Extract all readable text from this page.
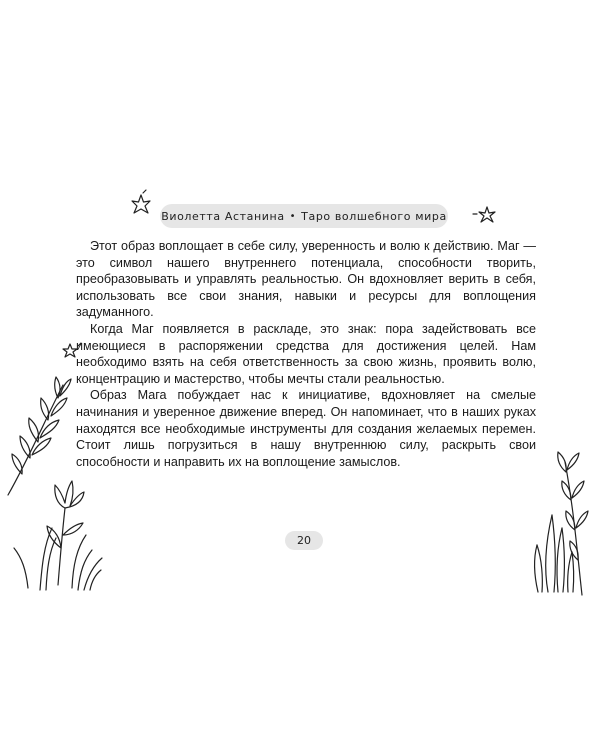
Виолетта Астанина • Таро волшебного мира

Этот образ воплощает в себе силу, уверенность и волю к действию. Маг — это символ нашего внутреннего потенциала, способности творить, преобразовывать и управлять реальностью. Он вдохновляет верить в себя, использовать все свои знания, навыки и ресурсы для воплощения задуманного.

Когда Маг появляется в раскладе, это знак: пора задействовать все имеющиеся в распоряжении средства для достижения целей. Нам необходимо взять на себя ответственность за свою жизнь, проявить волю, концентрацию и мастерство, чтобы мечты стали реальностью.

Образ Мага побуждает нас к инициативе, вдохновляет на смелые начинания и уверенное движение вперед. Он напоминает, что в наших руках находятся все необходимые инструменты для создания желаемых перемен. Стоит лишь погрузиться в нашу внутреннюю силу, раскрыть свои способности и направить их на воплощение замыслов.

20
